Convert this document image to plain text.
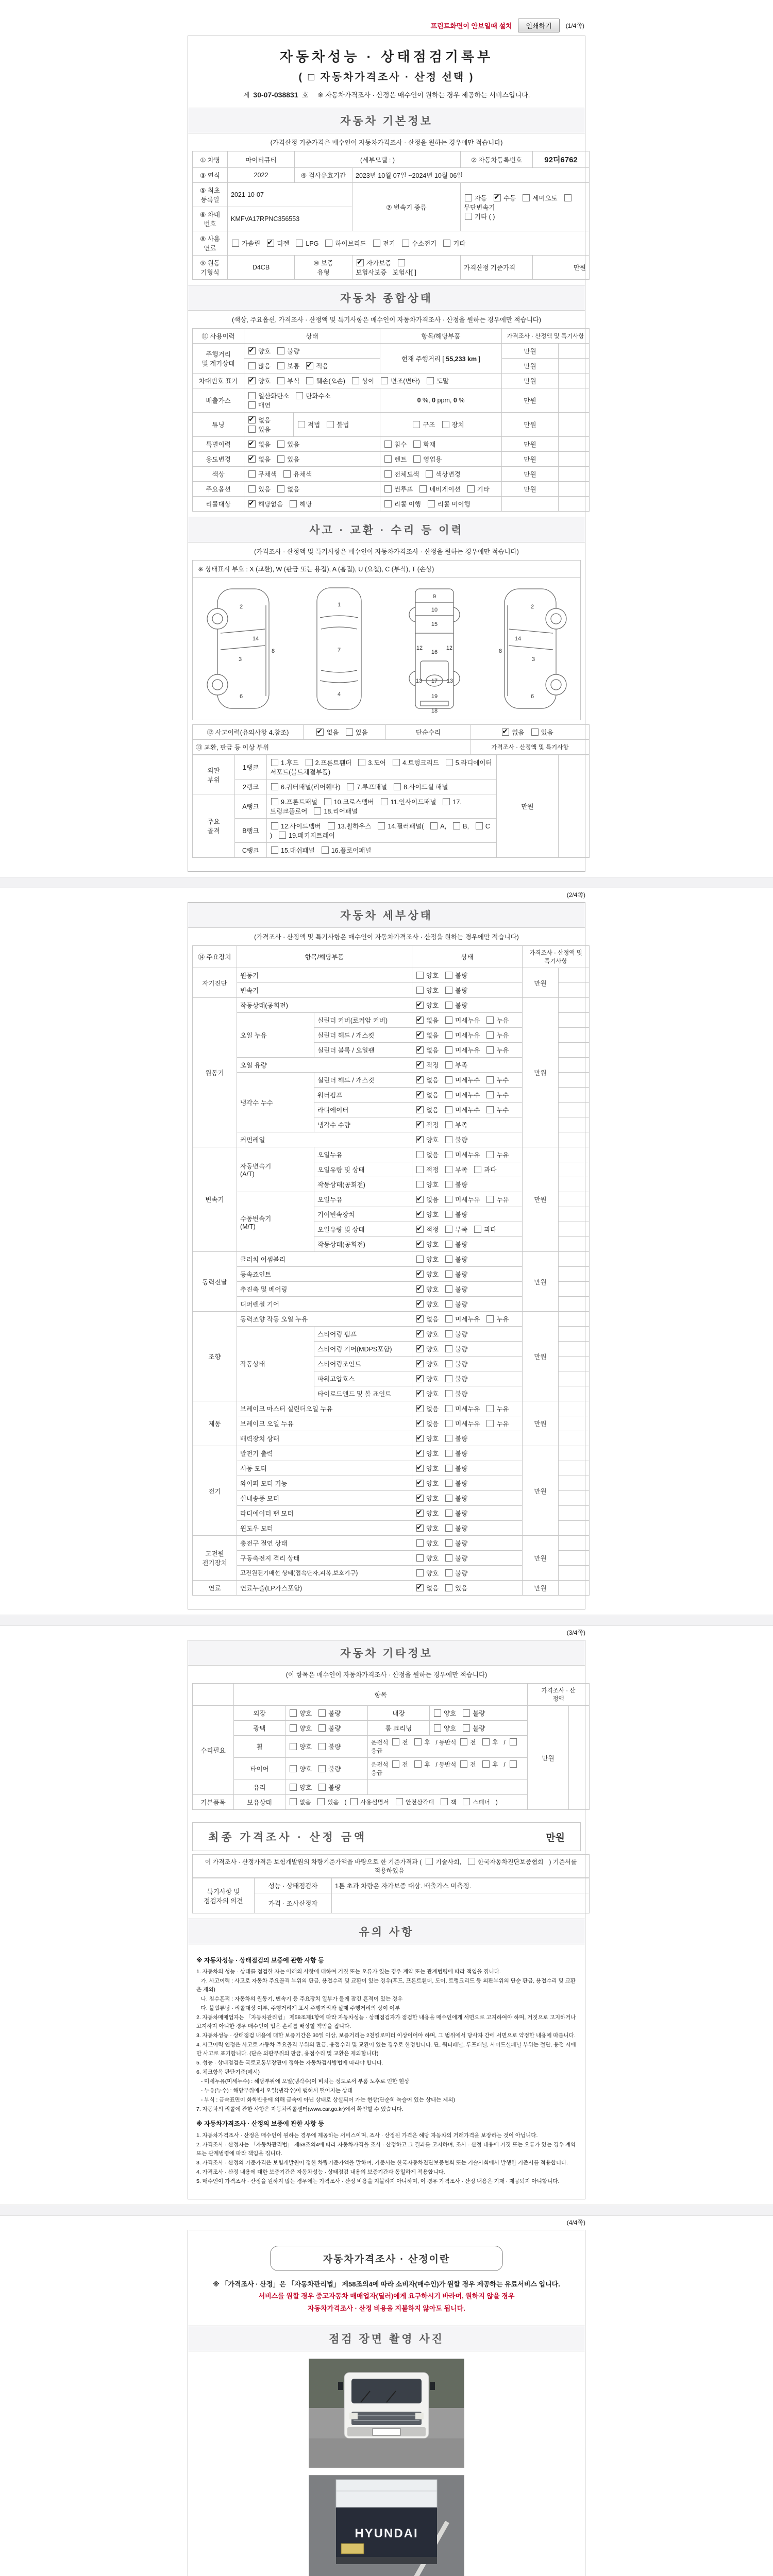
프린트화면이 안보일때 설치	인쇄하기	(1/4쪽)
자동차성능 · 상태점검기록부
( □ 자동차가격조사 · 산정 선택 )
제 30-07-038831 호 ※ 자동차가격조사 · 산정은 매수인이 원하는 경우 제공하는 서비스입니다.
자동차 기본정보
(가격산정 기준가격은 매수인이 자동차가격조사 · 산정을 원하는 경우에만 적습니다)
① 차명	마이티큐티	(세부모델 : )		② 자동차등록번호	92더6762
③ 연식	2022	④ 검사유효기간	2023년 10월 07일 ~2024년 10월 06일		
⑤ 최초
등록일	2021-10-07		⑦ 변속기 종류	자동 ✔ 수동 세미오토무단변속기
기타 ( )
⑥ 차대
번호	KMFVA17RPNC356553				
⑧ 사용
연료	가솔린 ✔ 디젤 LPG 하이브리드 전기 수소전기 기타
⑨ 원동
기형식	D4CB	⑩ 보증
유형	✔자가보증보험사보증 보험사[ ]	가격산정 기준가격	만원
자동차 종합상태
(색상, 주요옵션, 가격조사 · 산정액 및 특기사항은 매수인이 자동차가격조사 · 산정을 원하는 경우에만 적습니다)
⑪ 사용이력	상태		항목/해당부품	가격조사 · 산정액 및 특기사항	
주행거리
및 계기상태	✔양호 불량		현재 주행거리 [ 55,233 km ]	만원	
	많음 보통 ✔ 적음			만원	
차대번호 표기	✔양호 부식 훼손(오손) 상이 변조(변타) 도말			만원	
배출가스	일산화탄소 탄화수소
매연		0 %, 0 ppm, 0 %	만원	
튜닝	✔없음
있음	적법 불법	구조 장치	만원	
특별이력	✔없음 있음		침수 화재	만원	
용도변경	✔없음 있음		렌트 영업용	만원	
색상	무채색 유채색		전체도색 색상변경	만원	
주요옵션	있음 없음		썬루프 네비게이션 기타	만원	
리콜대상	✔해당없음 해당		리콜 이행 리콜 미이행		
사고 · 교환 · 수리 등 이력
(가격조사 · 산정액 및 특기사항은 매수인이 자동차가격조사 · 산정을 원하는 경우에만 적습니다)
※ 상태표시 부호 : X (교환), W (판금 또는 용접), A (흠집), U (요철), C (부식), T (손상)
2
14
3
8
6
1
7
4
9
10
15
12	12
16
13	13
17
19
18
2
14
3
8
6
⑫ 사고이력(유의사항 4.참조)	✔없음 있음	단순수리	✔없음 있음
⑬ 교환, 판금 등 이상 부위			가격조사 · 산정액 및 특기사항
외판
부위	1랭크	1.후드 2.프론트휀더 3.도어 4.트렁크리드 5.라디에이터 서포트(볼트체결부품)	만원	
	2랭크	6.쿼터패널(리어휀다) 7.루프패널 8.사이드실 패널		
주요
골격	A랭크	9.프론트패널 10.크로스멤버 11.인사이드패널 17.트렁크플로어 18.리어패널		
	B랭크	12.사이드멤버 13.휠하우스 14.필러패널( A, B, C ) 19.패키지트레이		
	C랭크	15.대쉬패널 16.플로어패널		
(2/4쪽)
자동차 세부상태
(가격조사 · 산정액 및 특기사항은 매수인이 자동차가격조사 · 산정을 원하는 경우에만 적습니다)
⑭ 주요장치	항목/해당부품		상태	가격조사 · 산정액 및 특기사항	
자기진단	원동기		양호 불량	만원	
	변속기		양호 불량		
원동기	작동상태(공회전)	✔양호 불량	만원	
	오일 누유	실린더 커버(로커암 커버)	✔없음 미세누유 누유	
		실린더 헤드 / 개스킷	✔없음 미세누유 누유	
		실린더 블록 / 오일팬	✔없음 미세누유 누유	
	오일 유량	✔적정 부족	
	냉각수 누수	실린더 헤드 / 개스킷	✔없음 미세누수 누수	
		워터펌프	✔없음 미세누수 누수	
		라디에이터	✔없음 미세누수 누수	
		냉각수 수량	✔적정 부족	
	커먼레일	✔양호 불량	
변속기	자동변속기
(A/T)	오일누유	없음 미세누유 누유	만원	
		오일유량 및 상태	적정 부족 과다		
		작동상태(공회전)	양호 불량		
	수동변속기
(M/T)	오일누유	✔없음 미세누유 누유	
		기어변속장치	✔양호 불량	
		오일유량 및 상태	✔적정 부족 과다	
		작동상태(공회전)	✔양호 불량	
동력전달	클러치 어셈블리		양호 불량	만원	
	등속죠인트	✔양호 불량	
	추진축 및 베어링	✔양호 불량	
	디퍼렌셜 기어	✔양호 불량	
조향	동력조향 작동 오일 누유	✔없음 미세누유 누유	만원	
	작동상태	스티어링 펌프	✔양호 불량	
		스티어링 기어(MDPS포함)	✔양호 불량	
		스티어링조인트	✔양호 불량	
		파워고압호스	✔양호 불량	
		타이로드엔드 및 볼 죠인트	✔양호 불량	
제동	브레이크 마스터 실린더오일 누유	✔없음 미세누유 누유	만원	
	브레이크 오일 누유	✔없음 미세누유 누유	
	배력장치 상태	✔양호 불량	
전기	발전기 출력	✔양호 불량	만원	
	시동 모터	✔양호 불량	
	와이퍼 모터 기능	✔양호 불량	
	실내송풍 모터	✔양호 불량	
	라디에이터 팬 모터	✔양호 불량	
	윈도우 모터	✔양호 불량	
고전원
전기장치	충전구 절연 상태		양호 불량	만원	
	구동축전지 격리 상태		양호 불량		
	고전원전기배선 상태(접속단자,피복,보호기구)		양호 불량		
연료	연료누출(LP가스포함)	✔없음 있음	만원	
(3/4쪽)
자동차 기타정보
(이 항목은 매수인이 자동차가격조사 · 산정을 원하는 경우에만 적습니다)
	항목				가격조사 · 산
정액	
수리필요	외장	양호 불량	내장	양호 불량	만원	
	광택	양호 불량	룸 크리닝	양호 불량		
	휠	양호 불량	운전석 전 후 / 동반석 전 후 /응급			
	타이어	양호 불량	운전석 전 후 / 동반석 전 후 /응급			
	유리	양호 불량				
기본품목	보유상태	없음 있음 ( 사용설명서 안전삼각대 잭 스패너 )				
최종 가격조사 · 산정 금액	만원
이 가격조사 · 산정가격은 보험개발원의 차량기준가액을 바탕으로 한 기준가격과 ( 기술사회,	한국자동차진단보증협회 ) 기준서를 적용하였음
특기사항 및
점검자의 의견	성능 · 상태점검자	1톤 초과 차량은 자가보증 대상. 배출가스 미측정.
	가격 · 조사산정자	

유의 사항
※ 자동차성능 · 상태점검의 보증에 관한 사항 등
1. 자동차의 성능 · 상태를 점검한 자는 아래의 사항에 대하여 거짓 또는 오류가 있는 경우 계약 또는 관계법령에 따라 책임을 집니다.
가. 사고이력 : 사고로 자동차 주요골격 부위의 판금, 용접수리 및 교환이 있는 경우(후드, 프론트휀더, 도어, 트렁크리드 등 외판부위의 단순 판금, 용접수리 및 교환은 제외)
나. 침수흔적 : 자동차의 원동기, 변속기 등 주요장치 일부가 물에 잠긴 흔적이 있는 경우
다. 불법튜닝 · 리콜대상 여부, 주행거리계 표시 주행거리와 실제 주행거리의 상이 여부
2. 자동차매매업자는 「자동차관리법」 제58조제1항에 따라 자동차성능 · 상태점검자가 점검한 내용을 매수인에게 서면으로 고지하여야 하며, 거짓으로 고지하거나 고지하지 아니한 경우 매수인이 입은 손해를 배상할 책임을 집니다.
3. 자동차성능 · 상태점검 내용에 대한 보증기간은 30일 이상, 보증거리는 2천킬로미터 이상이어야 하며, 그 범위에서 당사자 간에 서면으로 약정한 내용에 따릅니다.
4. 사고이력 인정은 사고로 자동차 주요골격 부위의 판금, 용접수리 및 교환이 있는 경우로 한정합니다. 단, 쿼터패널, 루프패널, 사이드실패널 부위는 절단, 용접 시에만 사고로 표기합니다. (단순 외판부위의 판금, 용접수리 및 교환은 제외합니다)
5. 성능 · 상태점검은 국토교통부장관이 정하는 자동차검사방법에 따라야 합니다.
6. 체크항목 판단기준(예시)
- 미세누유(미세누수) : 해당부위에 오일(냉각수)이 비치는 정도로서 부품 노후로 인한 현상
- 누유(누수) : 해당부위에서 오일(냉각수)이 맺혀서 떨어지는 상태
- 부식 : 금속표면이 화학반응에 의해 금속이 아닌 상태로 상실되어 가는 현상(단순히 녹슬어 있는 상태는 제외)
7. 자동차의 리콜에 관한 사항은 자동차리콜센터(www.car.go.kr)에서 확인할 수 있습니다.
※ 자동차가격조사 · 산정의 보증에 관한 사항 등
1. 자동차가격조사 · 산정은 매수인이 원하는 경우에 제공하는 서비스이며, 조사 · 산정된 가격은 해당 자동차의 거래가격을 보장하는 것이 아닙니다.
2. 가격조사 · 산정자는 「자동차관리법」 제58조의4에 따라 자동차가격을 조사 · 산정하고 그 결과를 고지하며, 조사 · 산정 내용에 거짓 또는 오류가 있는 경우 계약 또는 관계법령에 따라 책임을 집니다.
3. 가격조사 · 산정의 기준가격은 보험개발원이 정한 차량기준가액을 말하며, 기준서는 한국자동차진단보증협회 또는 기술사회에서 발행한 기준서를 적용합니다.
4. 가격조사 · 산정 내용에 대한 보증기간은 자동차성능 · 상태점검 내용의 보증기간과 동일하게 적용합니다.
5. 매수인이 가격조사 · 산정을 원하지 않는 경우에는 가격조사 · 산정 비용을 지불하지 아니하며, 이 경우 가격조사 · 산정 내용은 기재 · 제공되지 아니합니다.
(4/4쪽)
자동차가격조사 · 산정이란
※ 「가격조사 · 산정」은 「자동차관리법」 제58조의4에 따라 소비자(매수인)가 원할 경우 제공하는 유료서비스 입니다.
서비스를 원할 경우 중고자동차 매매업자(딜러)에게 요구하시기 바라며, 원하지 않을 경우
자동차가격조사 · 산정 비용을 지불하지 않아도 됩니다.
점검 장면 촬영 사진
HYUNDAI
